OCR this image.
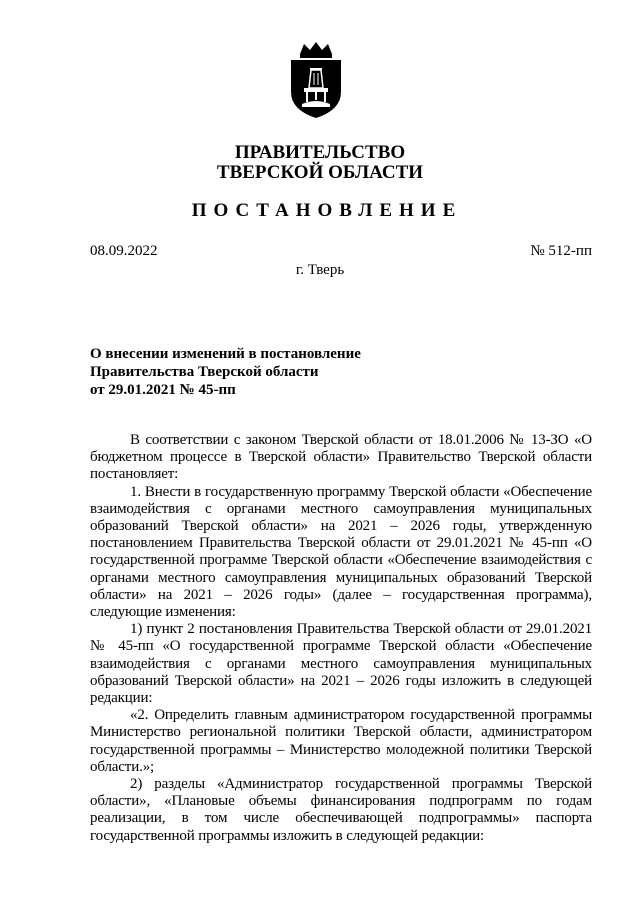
ПРАВИТЕЛЬСТВО
ТВЕРСКОЙ ОБЛАСТИ
ПОСТАНОВЛЕНИЕ
08.09.2022	№ 512-пп
г. Тверь
О внесении изменений в постановление
Правительства Тверской области
от 29.01.2021 № 45-пп

В соответствии с законом Тверской области от 18.01.2006 № 13-ЗО «О бюджетном процессе в Тверской области» Правительство Тверской области постановляет:

1. Внести в государственную программу Тверской области «Обеспечение взаимодействия с органами местного самоуправления муниципальных образований Тверской области» на 2021 – 2026 годы, утвержденную постановлением Правительства Тверской области от 29.01.2021 № 45-пп «О государственной программе Тверской области «Обеспечение взаимодействия с органами местного самоуправления муниципальных образований Тверской области» на 2021 – 2026 годы» (далее – государственная программа), следующие изменения:

1) пункт 2 постановления Правительства Тверской области от 29.01.2021 № 45-пп «О государственной программе Тверской области «Обеспечение взаимодействия с органами местного самоуправления муниципальных образований Тверской области» на 2021 – 2026 годы изложить в следующей редакции:

«2. Определить главным администратором государственной программы Министерство региональной политики Тверской области, администратором государственной программы – Министерство молодежной политики Тверской области.»;

2) разделы «Администратор государственной программы Тверской области», «Плановые объемы финансирования подпрограмм по годам реализации, в том числе обеспечивающей подпрограммы» паспорта государственной программы изложить в следующей редакции:
